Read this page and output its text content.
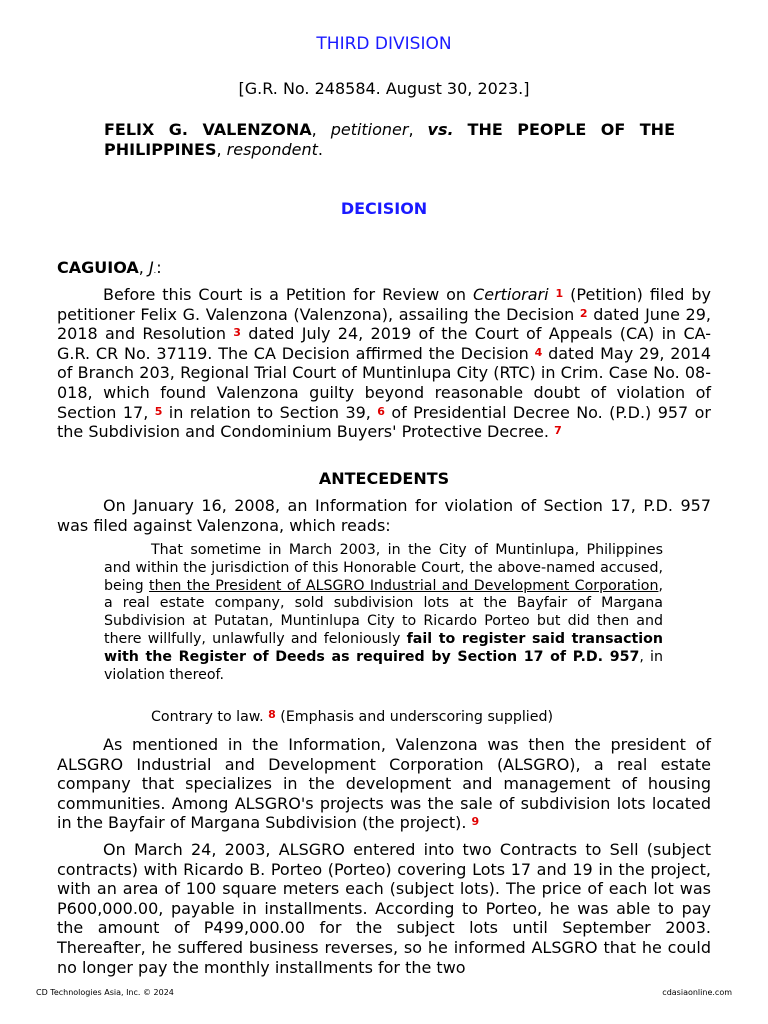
THIRD DIVISION
[G.R. No. 248584. August 30, 2023.]
FELIX G. VALENZONA, petitioner, vs. THE PEOPLE OF THE PHILIPPINES, respondent.
DECISION
CAGUIOA, J.:
Before this Court is a Petition for Review on Certiorari $^1$ (Petition) filed by petitioner Felix G. Valenzona (Valenzona), assailing the Decision $^2$ dated June 29, 2018 and Resolution $^3$ dated July 24, 2019 of the Court of Appeals (CA) in CA-G.R. CR No. 37119. The CA Decision affirmed the Decision $^4$ dated May 29, 2014 of Branch 203, Regional Trial Court of Muntinlupa City (RTC) in Crim. Case No. 08-018, which found Valenzona guilty beyond reasonable doubt of violation of Section 17, $^5$ in relation to Section 39, $^6$ of Presidential Decree No. (P.D.) 957 or the Subdivision and Condominium Buyers' Protective Decree. $^7$
ANTECEDENTS
On January 16, 2008, an Information for violation of Section 17, P.D. 957 was filed against Valenzona, which reads:
That sometime in March 2003, in the City of Muntinlupa, Philippines and within the jurisdiction of this Honorable Court, the above-named accused, being then the President of ALSGRO Industrial and Development Corporation, a real estate company, sold subdivision lots at the Bayfair of Margana Subdivision at Putatan, Muntinlupa City to Ricardo Porteo but did then and there willfully, unlawfully and feloniously fail to register said transaction with the Register of Deeds as required by Section 17 of P.D. 957, in violation thereof.
Contrary to law. $^8$ (Emphasis and underscoring supplied)
As mentioned in the Information, Valenzona was then the president of ALSGRO Industrial and Development Corporation (ALSGRO), a real estate company that specializes in the development and management of housing communities. Among ALSGRO's projects was the sale of subdivision lots located in the Bayfair of Margana Subdivision (the project). $^9$
On March 24, 2003, ALSGRO entered into two Contracts to Sell (subject contracts) with Ricardo B. Porteo (Porteo) covering Lots 17 and 19 in the project, with an area of 100 square meters each (subject lots). The price of each lot was P600,000.00, payable in installments. According to Porteo, he was able to pay the amount of P499,000.00 for the subject lots until September 2003. Thereafter, he suffered business reverses, so he informed ALSGRO that he could no longer pay the monthly installments for the two
CD Technologies Asia, Inc. © 2024	cdasiaonline.com
